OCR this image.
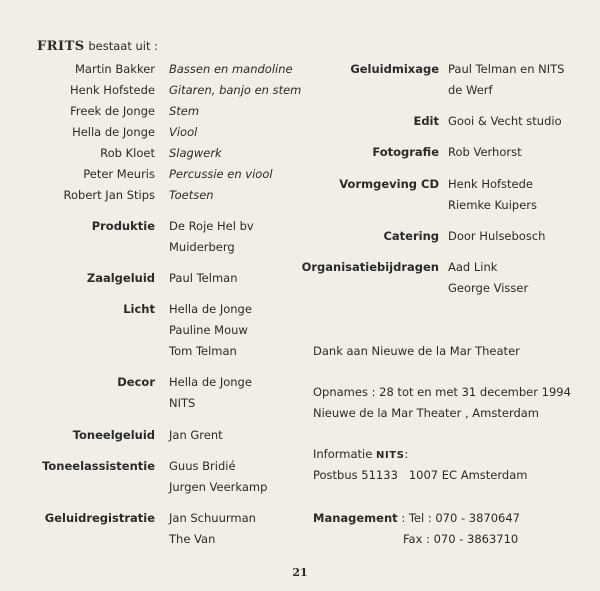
FRITS bestaat uit :
Martin Bakker Bassen en mandoline
Henk Hofstede Gitaren, banjo en stem
Freek de Jonge Stem
Hella de Jonge Viool
Rob Kloet Slagwerk
Peter Meuris Percussie en viool
Robert Jan Stips Toetsen
Produktie De Roje Hel bv
Muiderberg
Zaalgeluid Paul Telman
Licht Hella de Jonge
Pauline Mouw
Tom Telman
Decor Hella de Jonge
NITS
Toneelgeluid Jan Grent
Toneelassistentie Guus Bridié
Jurgen Veerkamp
Geluidregistratie Jan Schuurman
The Van
Geluidmixage Paul Telman en NITS
de Werf
Edit Gooi & Vecht studio
Fotografie Rob Verhorst
Vormgeving CD Henk Hofstede
Riemke Kuipers
Catering Door Hulsebosch
Organisatiebijdragen Aad Link
George Visser
Dank aan Nieuwe de la Mar Theater
Opnames : 28 tot en met 31 december 1994
Nieuwe de la Mar Theater , Amsterdam
Informatie NITS:
Postbus 51133   1007 EC Amsterdam
Management : Tel : 070 - 3870647
Fax : 070 - 3863710
21
